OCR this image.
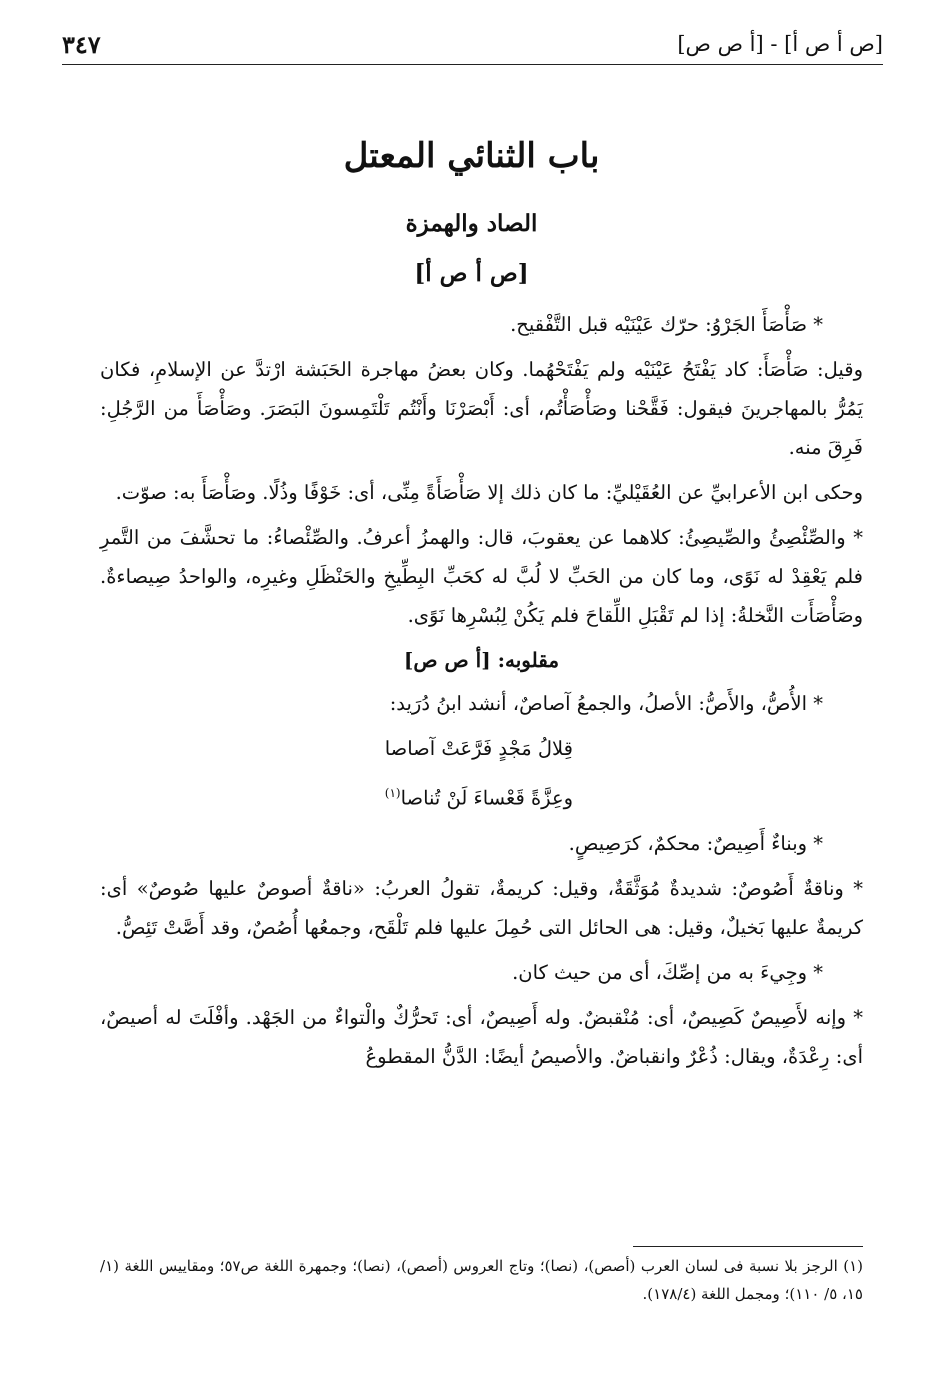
[ص أ ص أ] - [أ ص ص]
٣٤٧
باب الثنائي المعتل
الصاد والهمزة
[ص أ ص أ]

* صَأْصَأَ الجَرْوُ: حرّك عَيْنَيْه قبل التَّفْقيح.

وقيل: صَأْصَأَ: كاد يَفْتَحُ عَيْنَيْه ولم يَفْتَحْهُما. وكان بعضُ مهاجرة الحَبَشة ارْتدَّ عن الإسلامِ، فكان يَمُرُّ بالمهاجرينَ فيقول: فَقَّحْنا وصَأْصَأْتُم، أى: أَبْصَرْنَا وأَنْتُم تَلْتَمِسونَ البَصَرَ. وصَأْصَأَ من الرَّجُلِ: فَرِقَ منه.

وحكى ابن الأعرابيِّ عن العُقَيْليِّ: ما كان ذلك إلا صَأْصَأَةً مِنِّى، أى: خَوْفًا وذُلًا. وصَأْصَأَ به: صوّت.

* والصِّئْصِئُ والصِّيصِئُ: كلاهما عن يعقوبَ، قال: والهمزُ أعرفُ. والصِّئْصاءُ: ما تحشَّفَ من التَّمرِ فلم يَعْقِدْ له نَوًى، وما كان من الحَبِّ لا لُبَّ له كحَبِّ البِطِّيخِ والحَنْظَلِ وغيرِه، والواحدُ صِيصاءةٌ. وصَأْصَأَت النَّخلةُ: إذا لم تَقْبَلِ اللِّقاحَ فلم يَكُنْ لِبُسْرِها نَوًى.

مقلوبه: [أ ص ص]

* الأُصُّ، والأَصُّ: الأصلُ، والجمعُ آصاصٌ، أنشد ابنُ دُرَيد:

قِلالُ مَجْدٍ فَرَّعَتْ آصاصا

وعِزَّةً قَعْساءَ لَنْ تُناصا$^{(١)}$

* وبناءٌ أَصِيصٌ: محكمٌ، كرَصِيصٍ.

* وناقةٌ أَصُوصٌ: شديدةٌ مُوَثَّقَةٌ، وقيل: كريمةٌ، تقولُ العربُ: «ناقةٌ أصوصٌ عليها صُوصٌ» أى: كريمةٌ عليها بَخيلٌ، وقيل: هى الحائل التى حُمِلَ عليها فلم تَلْقَح، وجمعُها أُصُصٌ، وقد أَصَّتْ تَئِصُّ.

* وجِيءَ به من إصِّكَ، أى من حيث كان.

* وإنه لأَصِيصٌ كَصِيصٌ، أى: مُنْقبضٌ. وله أَصِيصٌ، أى: تَحرُّكٌ والْتواءٌ من الجَهْد. وأفْلَتَ له أصيصٌ، أى: رِعْدَةٌ، ويقال: ذُعْرٌ وانقباضٌ. والأصيصُ أيضًا: الدَّنُّ المقطوعُ

(١) الرجز بلا نسبة فى لسان العرب (أصص)، (نصا)؛ وتاج العروس (أصص)، (نصا)؛ وجمهرة اللغة ص٥٧؛ ومقاييس اللغة (١/ ١٥، ٥/ ١١٠)؛ ومجمل اللغة (١٧٨/٤).
